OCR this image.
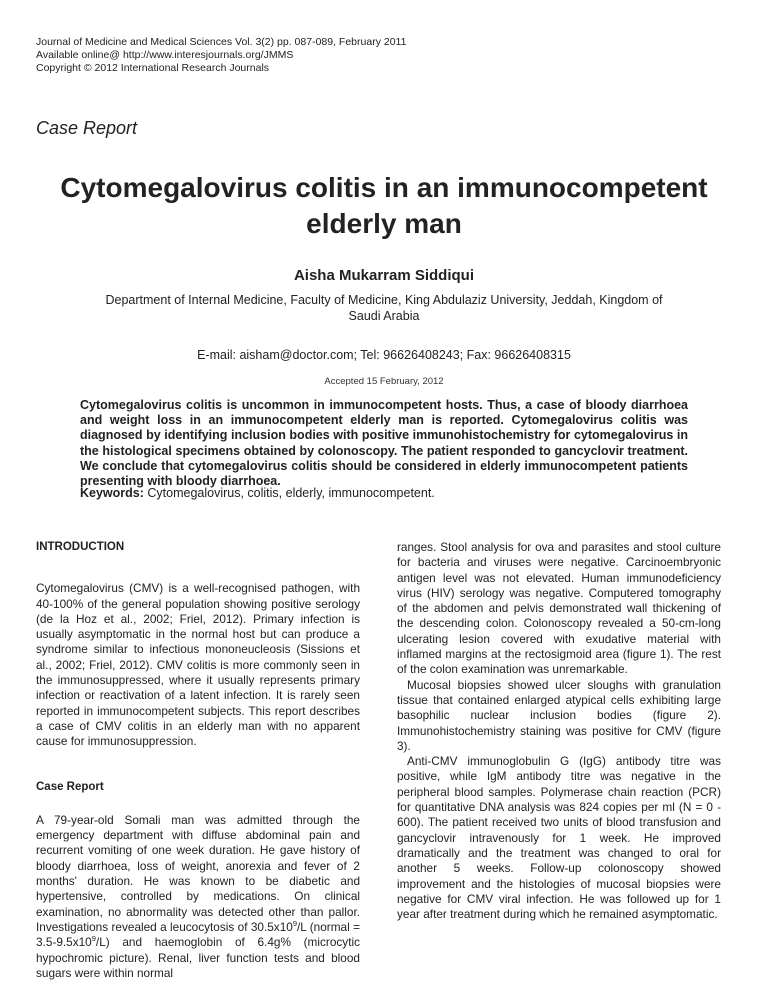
Journal of Medicine and Medical Sciences Vol. 3(2) pp. 087-089, February 2011
Available online@ http://www.interesjournals.org/JMMS
Copyright © 2012 International Research Journals
Case Report
Cytomegalovirus colitis in an immunocompetent elderly man
Aisha Mukarram Siddiqui
Department of Internal Medicine, Faculty of Medicine, King Abdulaziz University, Jeddah, Kingdom of Saudi Arabia
E-mail: aisham@doctor.com; Tel: 96626408243; Fax: 96626408315
Accepted 15 February, 2012
Cytomegalovirus colitis is uncommon in immunocompetent hosts. Thus, a case of bloody diarrhoea and weight loss in an immunocompetent elderly man is reported. Cytomegalovirus colitis was diagnosed by identifying inclusion bodies with positive immunohistochemistry for cytomegalovirus in the histological specimens obtained by colonoscopy. The patient responded to gancyclovir treatment. We conclude that cytomegalovirus colitis should be considered in elderly immunocompetent patients presenting with bloody diarrhoea.
Keywords: Cytomegalovirus, colitis, elderly, immunocompetent.
INTRODUCTION

Cytomegalovirus (CMV) is a well-recognised pathogen, with 40-100% of the general population showing positive serology (de la Hoz et al., 2002; Friel, 2012). Primary infection is usually asymptomatic in the normal host but can produce a syndrome similar to infectious mononeucleosis (Sissions et al., 2002; Friel, 2012). CMV colitis is more commonly seen in the immunosuppressed, where it usually represents primary infection or reactivation of a latent infection. It is rarely seen reported in immunocompetent subjects. This report describes a case of CMV colitis in an elderly man with no apparent cause for immunosuppression.

Case Report

A 79-year-old Somali man was admitted through the emergency department with diffuse abdominal pain and recurrent vomiting of one week duration. He gave history of bloody diarrhoea, loss of weight, anorexia and fever of 2 months' duration. He was known to be diabetic and hypertensive, controlled by medications. On clinical examination, no abnormality was detected other than pallor. Investigations revealed a leucocytosis of $30.5x10^9/L$ (normal = $3.5-9.5x10^9/L$) and haemoglobin of 6.4g% (microcytic hypochromic picture). Renal, liver function tests and blood sugars were within normal

ranges. Stool analysis for ova and parasites and stool culture for bacteria and viruses were negative. Carcinoembryonic antigen level was not elevated. Human immunodeficiency virus (HIV) serology was negative. Computered tomography of the abdomen and pelvis demonstrated wall thickening of the descending colon. Colonoscopy revealed a 50-cm-long ulcerating lesion covered with exudative material with inflamed margins at the rectosigmoid area (figure 1). The rest of the colon examination was unremarkable.

Mucosal biopsies showed ulcer sloughs with granulation tissue that contained enlarged atypical cells exhibiting large basophilic nuclear inclusion bodies (figure 2). Immunohistochemistry staining was positive for CMV (figure 3).

Anti-CMV immunoglobulin G (IgG) antibody titre was positive, while IgM antibody titre was negative in the peripheral blood samples. Polymerase chain reaction (PCR) for quantitative DNA analysis was 824 copies per ml (N = 0 - 600). The patient received two units of blood transfusion and gancyclovir intravenously for 1 week. He improved dramatically and the treatment was changed to oral for another 5 weeks. Follow-up colonoscopy showed improvement and the histologies of mucosal biopsies were negative for CMV viral infection. He was followed up for 1 year after treatment during which he remained asymptomatic.
